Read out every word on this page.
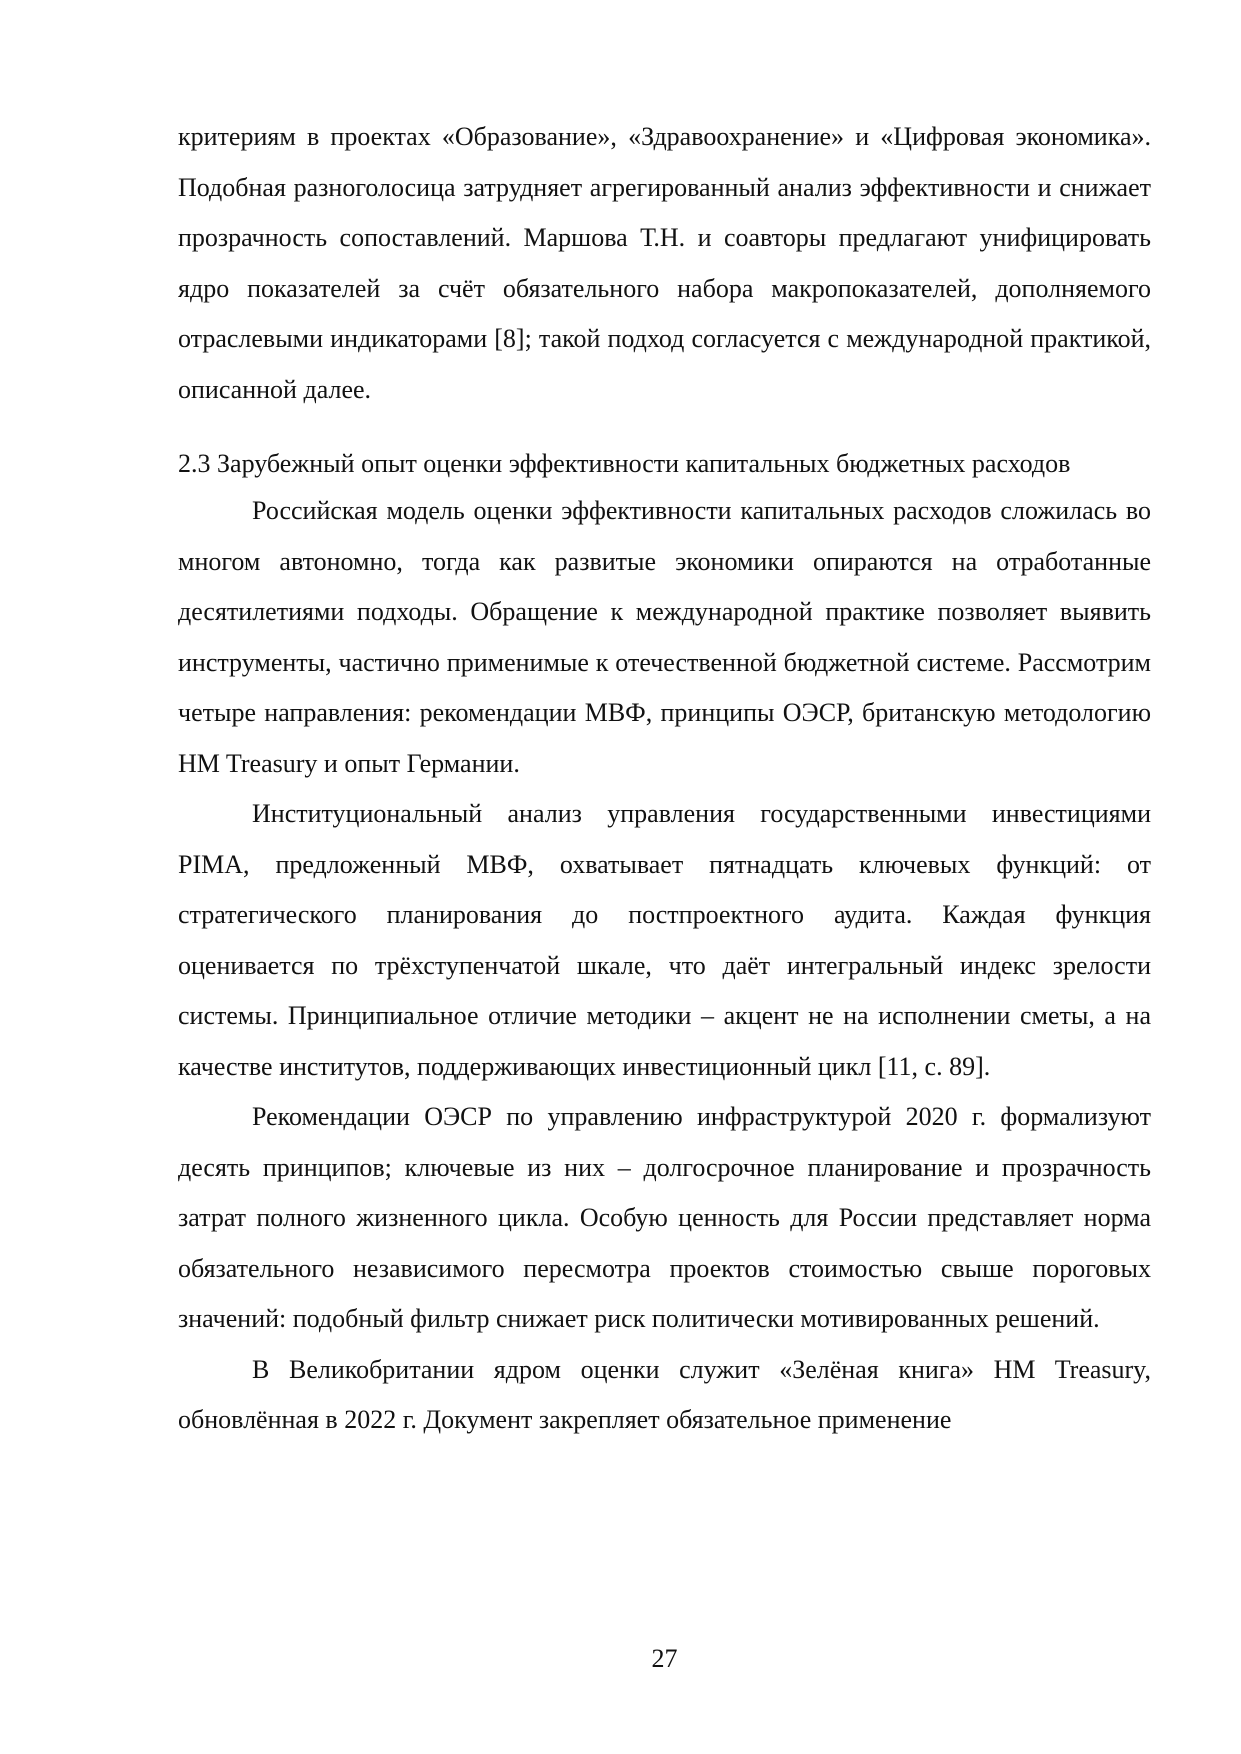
критериям в проектах «Образование», «Здравоохранение» и «Цифровая экономика». Подобная разноголосица затрудняет агрегированный анализ эффективности и снижает прозрачность сопоставлений. Маршова Т.Н. и соавторы предлагают унифицировать ядро показателей за счёт обязательного набора макропоказателей, дополняемого отраслевыми индикаторами [8]; такой подход согласуется с международной практикой, описанной далее.

2.3 Зарубежный опыт оценки эффективности капитальных бюджетных расходов

Российская модель оценки эффективности капитальных расходов сложилась во многом автономно, тогда как развитые экономики опираются на отработанные десятилетиями подходы. Обращение к международной практике позволяет выявить инструменты, частично применимые к отечественной бюджетной системе. Рассмотрим четыре направления: рекомендации МВФ, принципы ОЭСР, британскую методологию HM Treasury и опыт Германии.

Институциональный анализ управления государственными инвестициями PIMA, предложенный МВФ, охватывает пятнадцать ключевых функций: от стратегического планирования до постпроектного аудита. Каждая функция оценивается по трёхступенчатой шкале, что даёт интегральный индекс зрелости системы. Принципиальное отличие методики – акцент не на исполнении сметы, а на качестве институтов, поддерживающих инвестиционный цикл [11, с. 89].

Рекомендации ОЭСР по управлению инфраструктурой 2020 г. формализуют десять принципов; ключевые из них – долгосрочное планирование и прозрачность затрат полного жизненного цикла. Особую ценность для России представляет норма обязательного независимого пересмотра проектов стоимостью свыше пороговых значений: подобный фильтр снижает риск политически мотивированных решений.

В Великобритании ядром оценки служит «Зелёная книга» HM Treasury, обновлённая в 2022 г. Документ закрепляет обязательное применение

27
